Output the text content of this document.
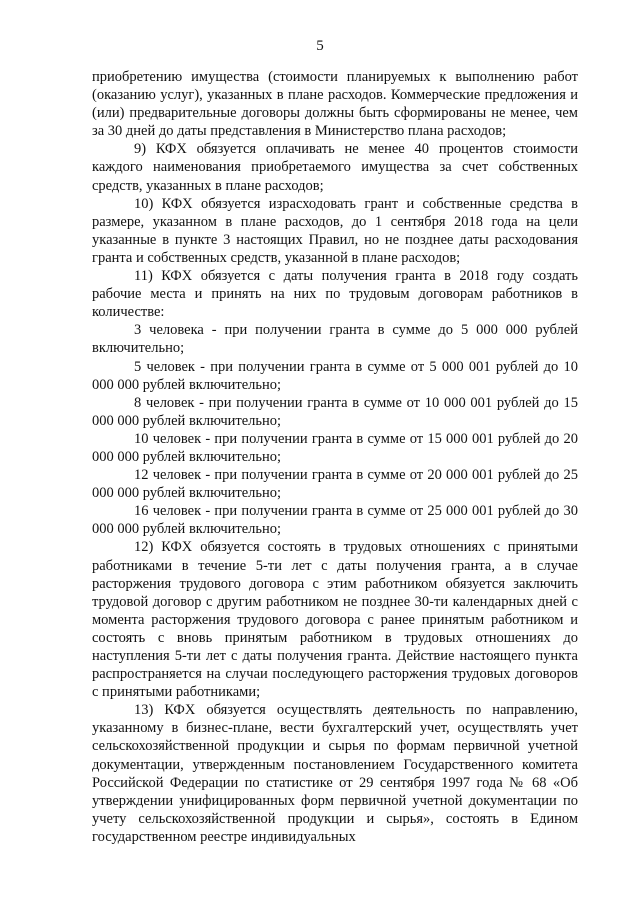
5

приобретению имущества (стоимости планируемых к выполнению работ (оказанию услуг), указанных в плане расходов. Коммерческие предложения и (или) предварительные договоры должны быть сформированы не менее, чем за 30 дней до даты представления в Министерство плана расходов;

9) КФХ обязуется оплачивать не менее 40 процентов стоимости каждого наименования приобретаемого имущества за счет собственных средств, указанных в плане расходов;

10) КФХ обязуется израсходовать грант и собственные средства в размере, указанном в плане расходов, до 1 сентября 2018 года на цели указанные в пункте 3 настоящих Правил, но не позднее даты расходования гранта и собственных средств, указанной в плане расходов;

11) КФХ обязуется с даты получения гранта в 2018 году создать рабочие места и принять на них по трудовым договорам работников в количестве:

3 человека - при получении гранта в сумме до 5 000 000 рублей включительно;

5 человек - при получении гранта в сумме от 5 000 001 рублей до 10 000 000 рублей включительно;

8 человек - при получении гранта в сумме от 10 000 001 рублей до 15 000 000 рублей включительно;

10 человек - при получении гранта в сумме от 15 000 001 рублей до 20 000 000 рублей включительно;

12 человек - при получении гранта в сумме от 20 000 001 рублей до 25 000 000 рублей включительно;

16 человек - при получении гранта в сумме от 25 000 001 рублей до 30 000 000 рублей включительно;

12) КФХ обязуется состоять в трудовых отношениях с принятыми работниками в течение 5-ти лет с даты получения гранта, а в случае расторжения трудового договора с этим работником обязуется заключить трудовой договор с другим работником не позднее 30-ти календарных дней с момента расторжения трудового договора с ранее принятым работником и состоять с вновь принятым работником в трудовых отношениях до наступления 5-ти лет с даты получения гранта. Действие настоящего пункта распространяется на случаи последующего расторжения трудовых договоров с принятыми работниками;

13) КФХ обязуется осуществлять деятельность по направлению, указанному в бизнес-плане, вести бухгалтерский учет, осуществлять учет сельскохозяйственной продукции и сырья по формам первичной учетной документации, утвержденным постановлением Государственного комитета Российской Федерации по статистике от 29 сентября 1997 года № 68 «Об утверждении унифицированных форм первичной учетной документации по учету сельскохозяйственной продукции и сырья», состоять в Едином государственном реестре индивидуальных
